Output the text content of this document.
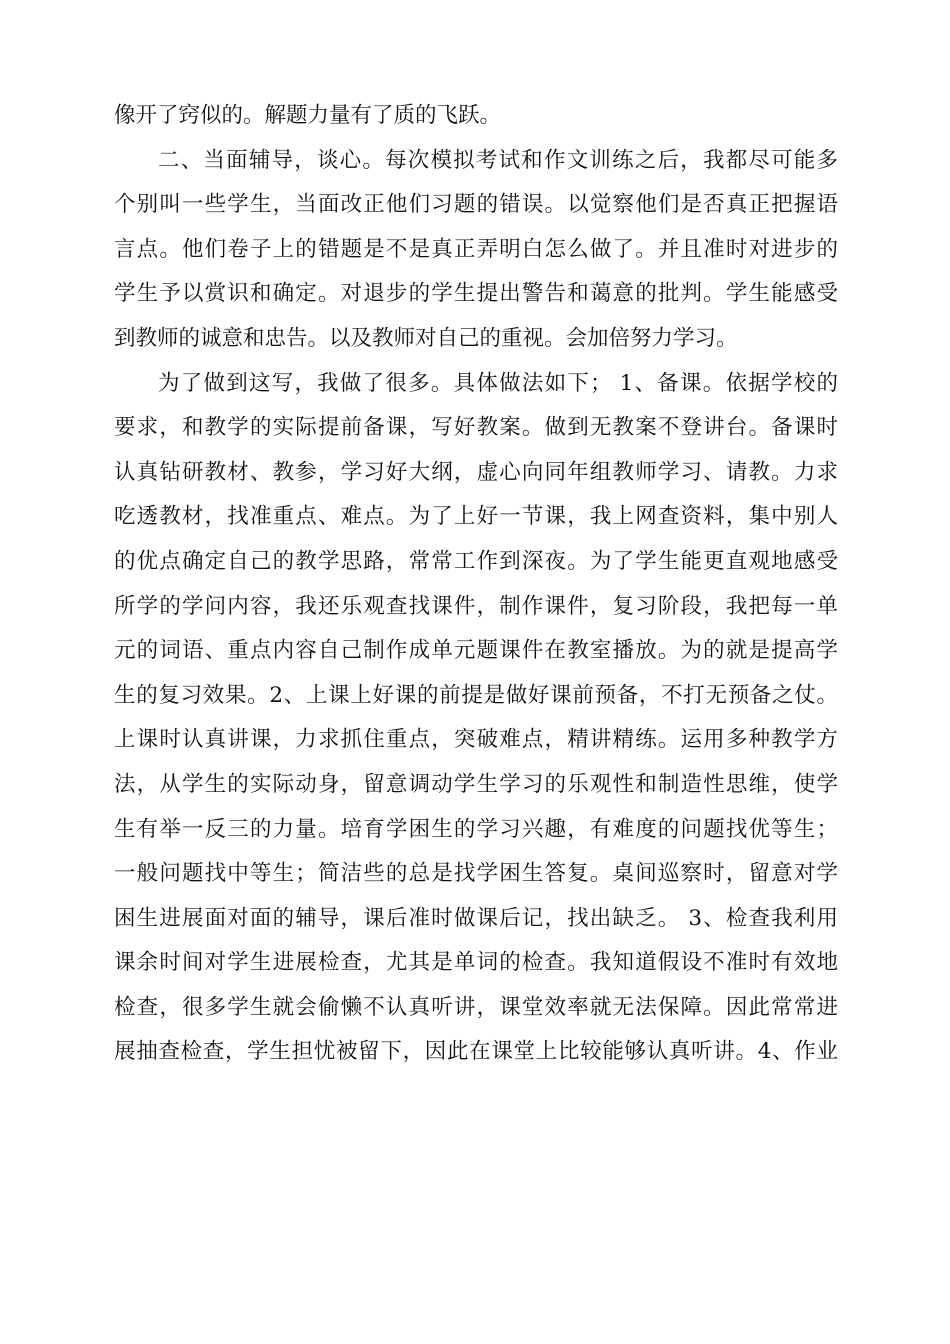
像开了窍似的。解题力量有了质的飞跃。
二、当面辅导，谈心。每次模拟考试和作文训练之后，我都尽可能多
个别叫一些学生，当面改正他们习题的错误。以觉察他们是否真正把握语
言点。他们卷子上的错题是不是真正弄明白怎么做了。并且准时对进步的
学生予以赏识和确定。对退步的学生提出警告和蔼意的批判。学生能感受
到教师的诚意和忠告。以及教师对自己的重视。会加倍努力学习。
为了做到这写，我做了很多。具体做法如下； 1、备课。依据学校的
要求，和教学的实际提前备课，写好教案。做到无教案不登讲台。备课时
认真钻研教材、教参，学习好大纲，虚心向同年组教师学习、请教。力求
吃透教材，找准重点、难点。为了上好一节课，我上网查资料，集中别人
的优点确定自己的教学思路，常常工作到深夜。为了学生能更直观地感受
所学的学问内容，我还乐观查找课件，制作课件，复习阶段，我把每一单
元的词语、重点内容自己制作成单元题课件在教室播放。为的就是提高学
生的复习效果。2、上课上好课的前提是做好课前预备，不打无预备之仗。
上课时认真讲课，力求抓住重点，突破难点，精讲精练。运用多种教学方
法，从学生的实际动身，留意调动学生学习的乐观性和制造性思维，使学
生有举一反三的力量。培育学困生的学习兴趣，有难度的问题找优等生；
一般问题找中等生；简洁些的总是找学困生答复。桌间巡察时，留意对学
困生进展面对面的辅导，课后准时做课后记，找出缺乏。 3、检查我利用
课余时间对学生进展检查，尤其是单词的检查。我知道假设不准时有效地
检查，很多学生就会偷懒不认真听讲，课堂效率就无法保障。因此常常进
展抽查检查，学生担忧被留下，因此在课堂上比较能够认真听讲。4、作业
